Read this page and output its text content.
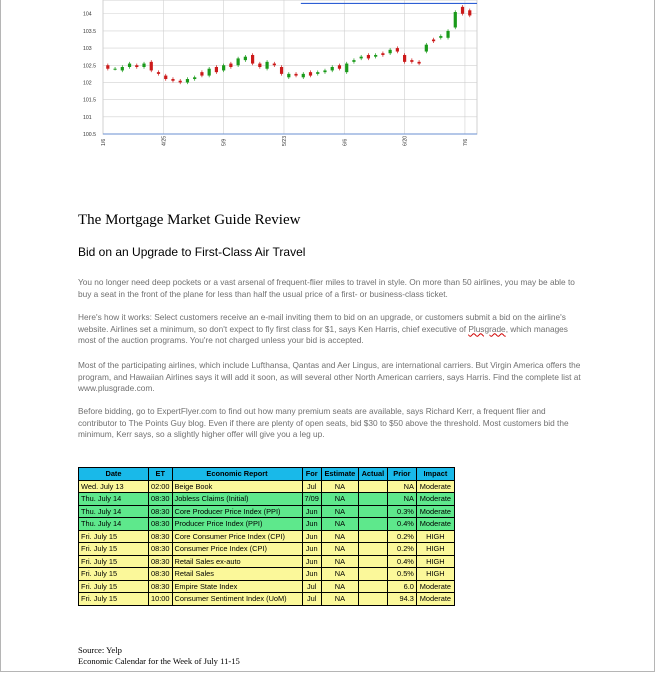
104
103.5
103
102.5
102
101.5
101
100.5
1/6	4/25	5/9	5/23	6/6	6/20	7/6
The Mortgage Market Guide Review
Bid on an Upgrade to First-Class Air Travel

You no longer need deep pockets or a vast arsenal of frequent-flier miles to travel in style. On more than 50 airlines, you may be able to buy a seat in the front of the plane for less than half the usual price of a first- or business-class ticket.

Here's how it works: Select customers receive an e-mail inviting them to bid on an upgrade, or customers submit a bid on the airline's website. Airlines set a minimum, so don't expect to fly first class for $1, says Ken Harris, chief executive of Plusgrade, which manages most of the auction programs. You're not charged unless your bid is accepted.

Most of the participating airlines, which include Lufthansa, Qantas and Aer Lingus, are international carriers. But Virgin America offers the program, and Hawaiian Airlines says it will add it soon, as will several other North American carriers, says Harris. Find the complete list at www.plusgrade.com.

Before bidding, go to ExpertFlyer.com to find out how many premium seats are available, says Richard Kerr, a frequent flier and contributor to The Points Guy blog. Even if there are plenty of open seats, bid $30 to $50 above the threshold. Most customers bid the minimum, Kerr says, so a slightly higher offer will give you a leg up.

Date	ET	Economic Report	For	Estimate	Actual	Prior	Impact
Wed. July 13	02:00	Beige Book	Jul	NA		NA	Moderate
Thu. July 14	08:30	Jobless Claims (Initial)	7/09	NA		NA	Moderate
Thu. July 14	08:30	Core Producer Price Index (PPI)	Jun	NA		0.3%	Moderate
Thu. July 14	08:30	Producer Price Index (PPI)	Jun	NA		0.4%	Moderate
Fri. July 15	08:30	Core Consumer Price Index (CPI)	Jun	NA		0.2%	HIGH
Fri. July 15	08:30	Consumer Price Index (CPI)	Jun	NA		0.2%	HIGH
Fri. July 15	08:30	Retail Sales ex-auto	Jun	NA		0.4%	HIGH
Fri. July 15	08:30	Retail Sales	Jun	NA		0.5%	HIGH
Fri. July 15	08:30	Empire State Index	Jul	NA		6.0	Moderate
Fri. July 15	10:00	Consumer Sentiment Index (UoM)	Jul	NA		94.3	Moderate
Source: Yelp
Economic Calendar for the Week of July 11-15
